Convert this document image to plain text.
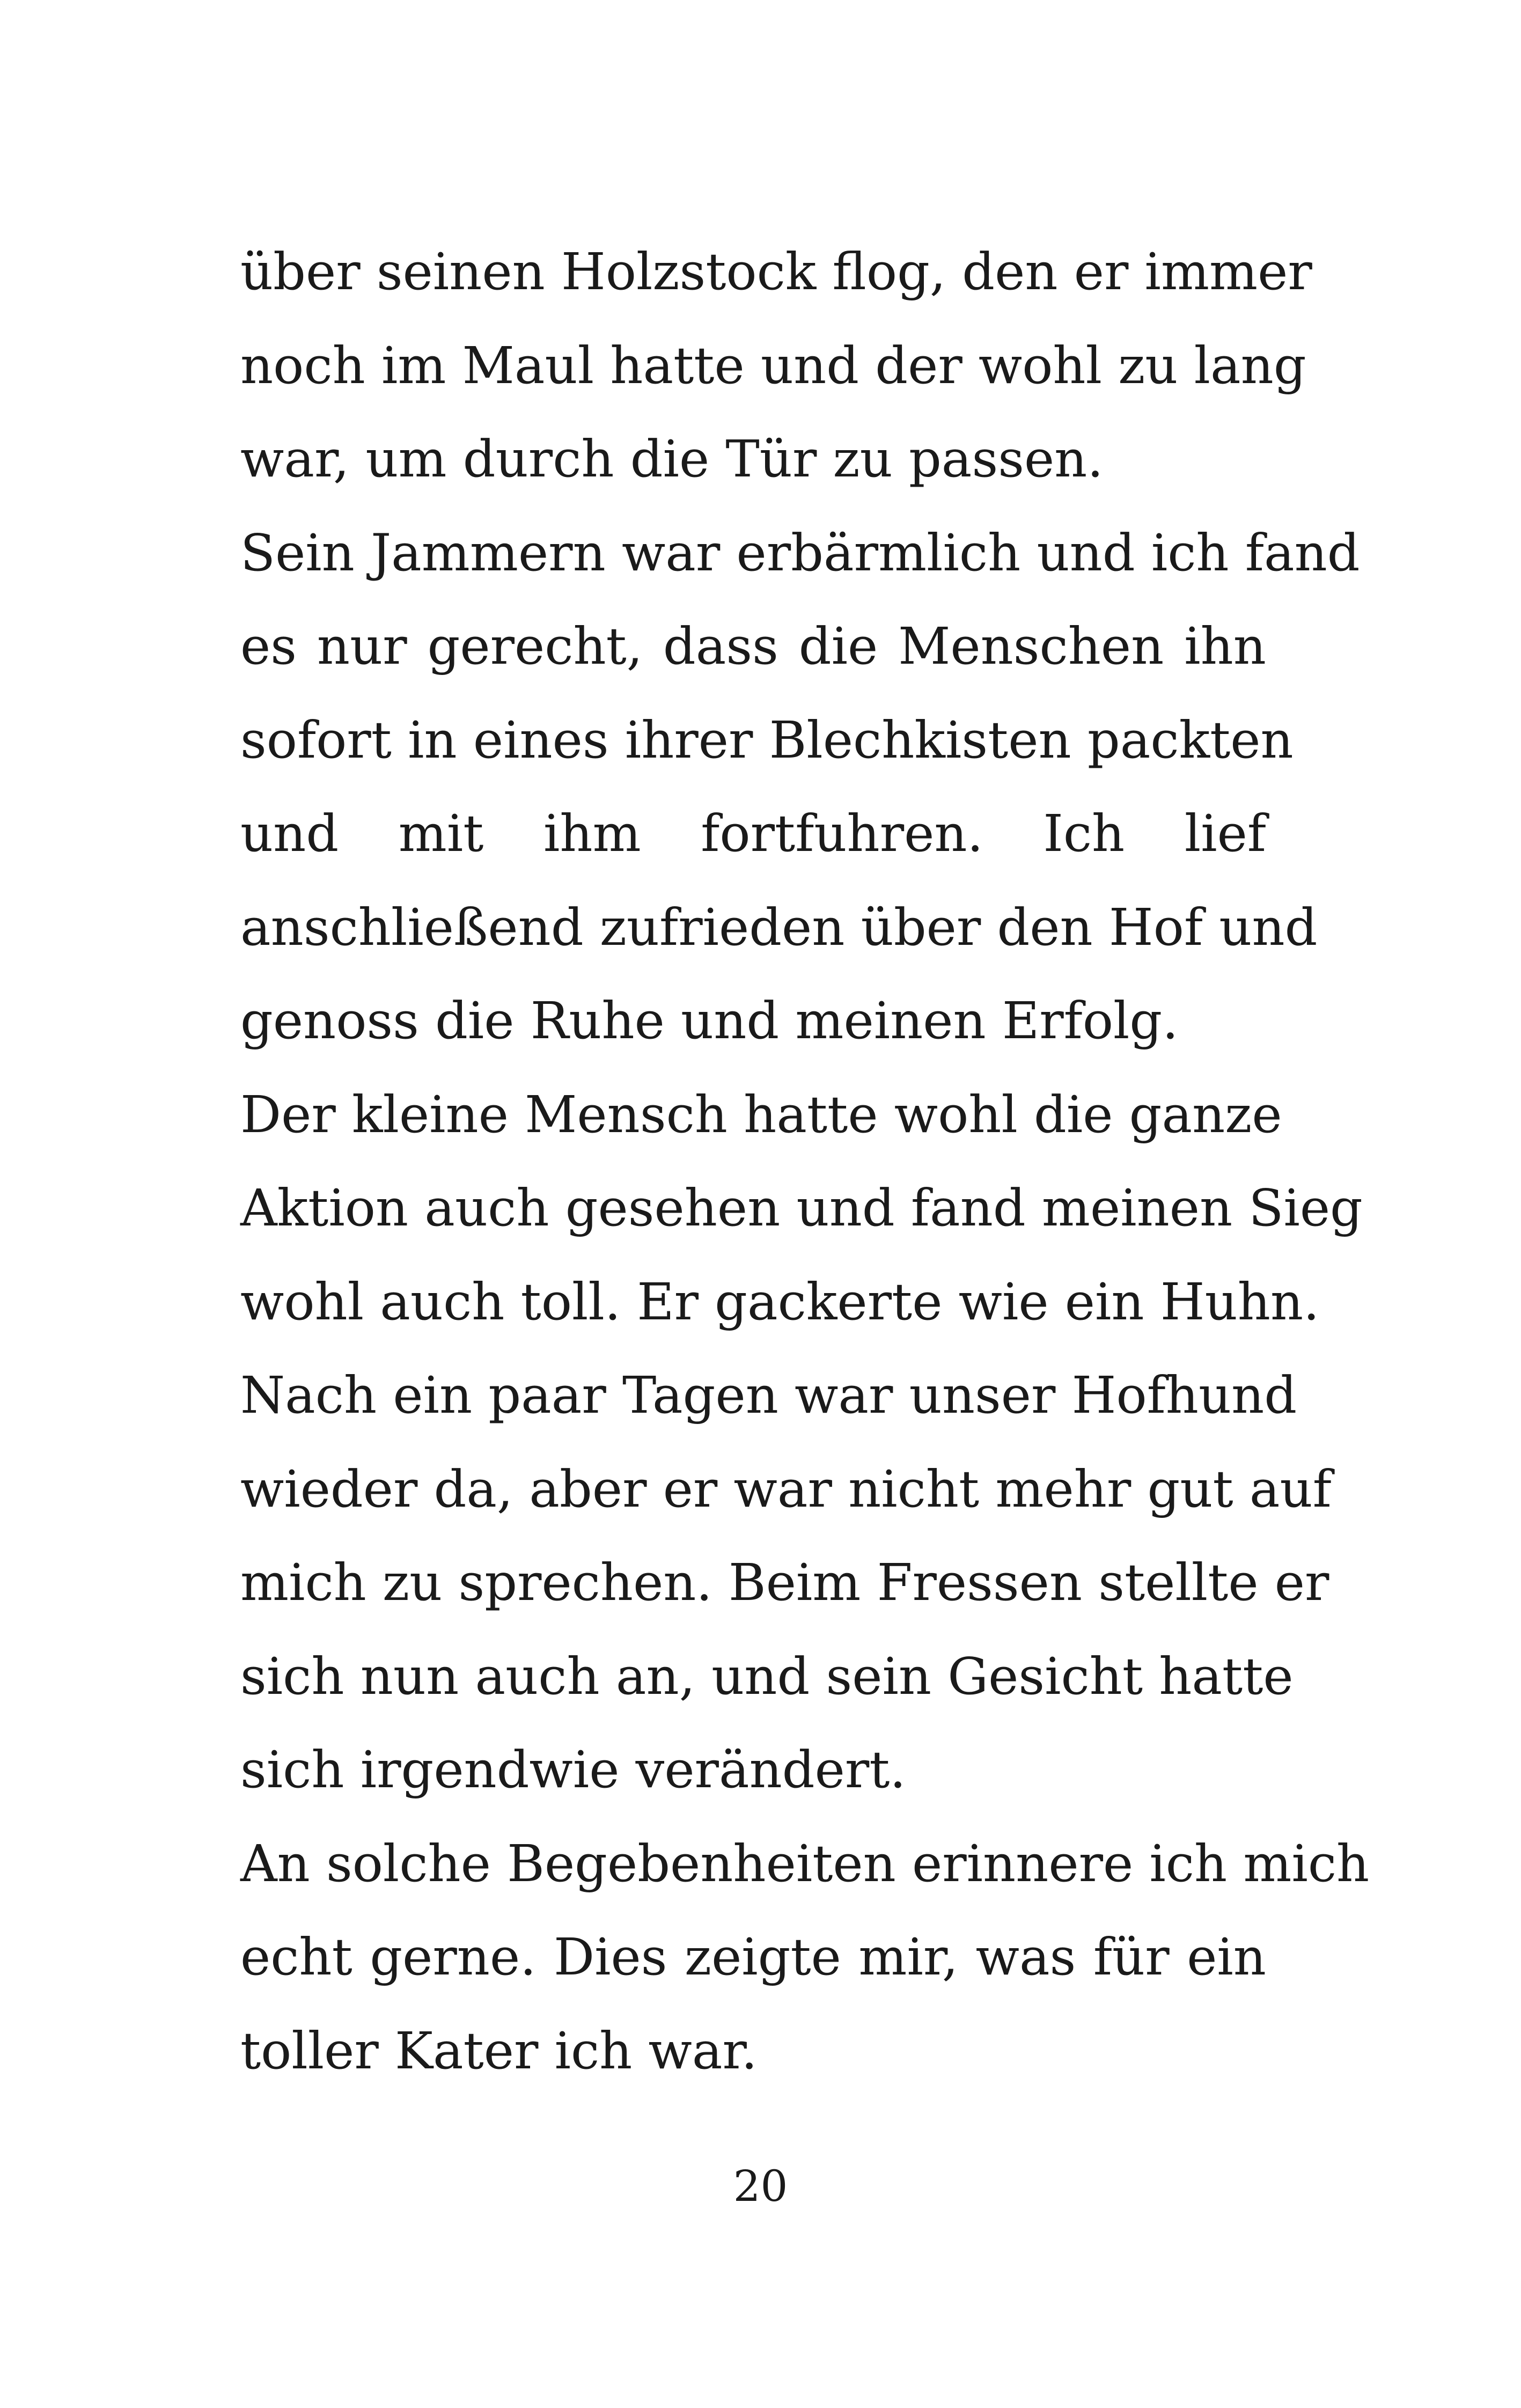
über seinen Holzstock flog, den er immer
noch im Maul hatte und der wohl zu lang
war, um durch die Tür zu passen.
Sein Jammern war erbärmlich und ich fand
es nur gerecht, dass die Menschen ihn
sofort in eines ihrer Blechkisten packten
und mit ihm fortfuhren. Ich lief
anschließend zufrieden über den Hof und
genoss die Ruhe und meinen Erfolg.
Der kleine Mensch hatte wohl die ganze
Aktion auch gesehen und fand meinen Sieg
wohl auch toll. Er gackerte wie ein Huhn.
Nach ein paar Tagen war unser Hofhund
wieder da, aber er war nicht mehr gut auf
mich zu sprechen. Beim Fressen stellte er
sich nun auch an, und sein Gesicht hatte
sich irgendwie verändert.
An solche Begebenheiten erinnere ich mich
echt gerne. Dies zeigte mir, was für ein
toller Kater ich war.
20
